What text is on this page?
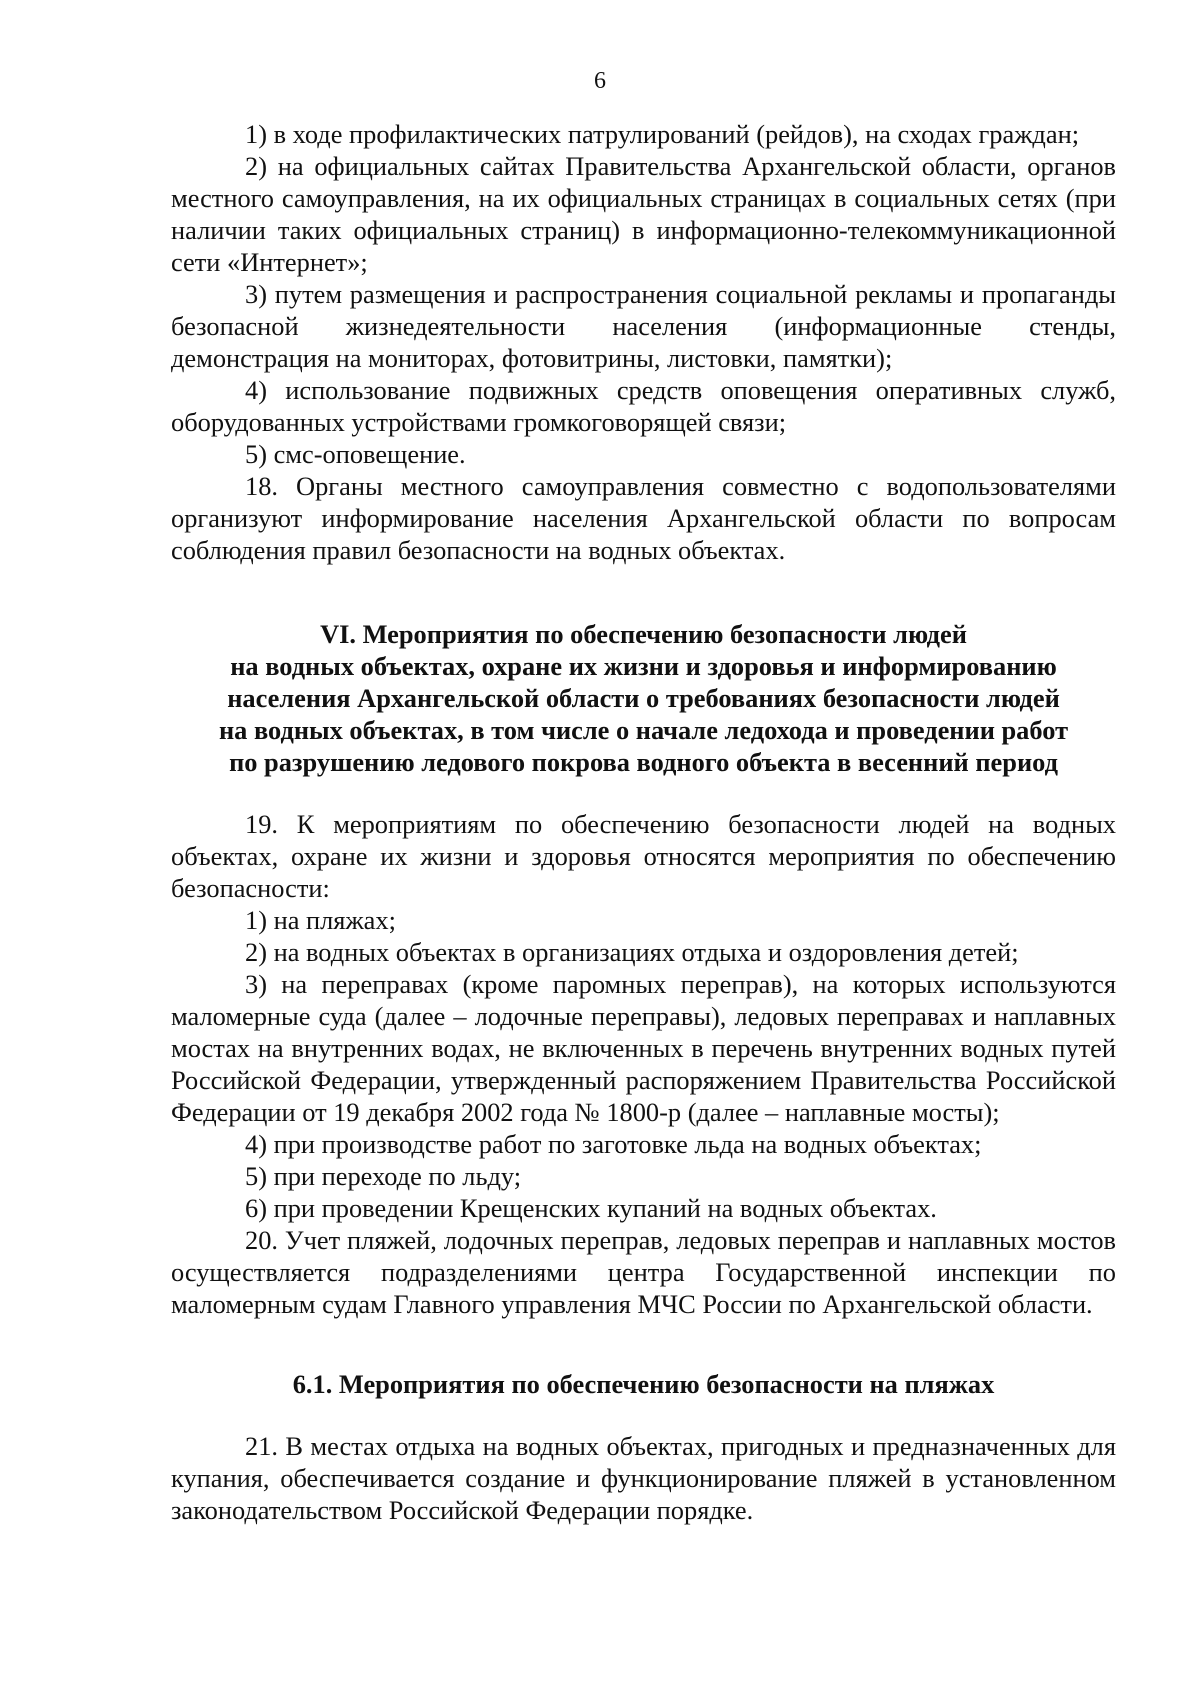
6

1) в ходе профилактических патрулирований (рейдов), на сходах граждан;

2) на официальных сайтах Правительства Архангельской области, органов местного самоуправления, на их официальных страницах в социальных сетях (при наличии таких официальных страниц) в информационно-телекоммуникационной сети «Интернет»;

3) путем размещения и распространения социальной рекламы и пропаганды безопасной жизнедеятельности населения (информационные стенды, демонстрация на мониторах, фотовитрины, листовки, памятки);

4) использование подвижных средств оповещения оперативных служб, оборудованных устройствами громкоговорящей связи;

5) смс-оповещение.

18. Органы местного самоуправления совместно с водопользователями организуют информирование населения Архангельской области по вопросам соблюдения правил безопасности на водных объектах.

VI. Мероприятия по обеспечению безопасности людей

на водных объектах, охране их жизни и здоровья и информированию

населения Архангельской области о требованиях безопасности людей

на водных объектах, в том числе о начале ледохода и проведении работ

по разрушению ледового покрова водного объекта в весенний период

19. К мероприятиям по обеспечению безопасности людей на водных объектах, охране их жизни и здоровья относятся мероприятия по обеспечению безопасности:

1) на пляжах;

2) на водных объектах в организациях отдыха и оздоровления детей;

3) на переправах (кроме паромных переправ), на которых используются маломерные суда (далее – лодочные переправы), ледовых переправах и наплавных мостах на внутренних водах, не включенных в перечень внутренних водных путей Российской Федерации, утвержденный распоряжением Правительства Российской Федерации от 19 декабря 2002 года № 1800-р (далее – наплавные мосты);

4) при производстве работ по заготовке льда на водных объектах;

5) при переходе по льду;

6) при проведении Крещенских купаний на водных объектах.

20. Учет пляжей, лодочных переправ, ледовых переправ и наплавных мостов осуществляется подразделениями центра Государственной инспекции по маломерным судам Главного управления МЧС России по Архангельской области.

6.1. Мероприятия по обеспечению безопасности на пляжах

21. В местах отдыха на водных объектах, пригодных и предназначенных для купания, обеспечивается создание и функционирование пляжей в установленном законодательством Российской Федерации порядке.
